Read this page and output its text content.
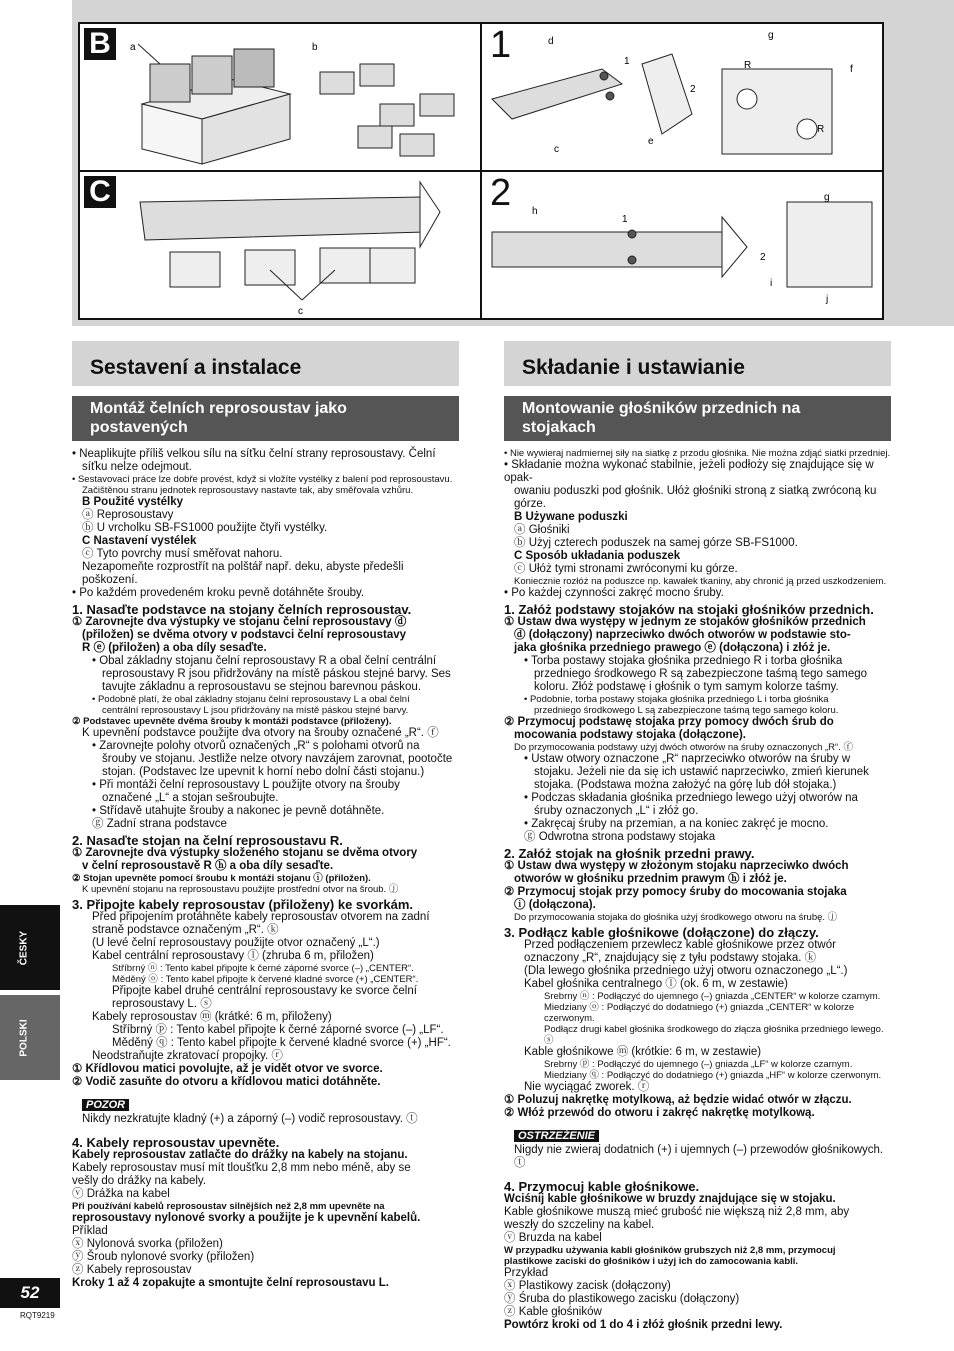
B	a	b	1	d
1
2
c
e
g
f
R
R
C
c
2 h
1
2
i
g
j
Sestavení a instalace
Montáž čelních reprosoustav jako postavených

• Neaplikujte příliš velkou sílu na síťku čelní strany reprosoustavy. Čelní

síťku nelze odejmout.

• Sestavovací práce lze dobře provést, když si vložíte vystélky z balení pod reprosoustavu.

Začištěnou stranu jednotek reprosoustavy nastavte tak, aby směřovala vzhůru.

B Použité vystélky

ⓐ Reprosoustavy

ⓑ U vrcholku SB-FS1000 použijte čtyři vystélky.

C Nastavení vystélek

ⓒ Tyto povrchy musí směřovat nahoru.

Nezapomeňte rozprostřít na polštář např. deku, abyste předešli poškození.

• Po každém provedeném kroku pevně dotáhněte šrouby.

1. Nasaďte podstavce na stojany čelních reprosoustav.

① Zarovnejte dva výstupky ve stojanu čelní reprosoustavy ⓓ

(přiložen) se dvěma otvory v podstavci čelní reprosoustavy

R ⓔ (přiložen) a oba díly sesaďte.

• Obal základny stojanu čelní reprosoustavy R a obal čelní centrální

reprosoustavy R jsou přidržovány na místě páskou stejné barvy. Ses

tavujte základnu a reprosoustavu se stejnou barevnou páskou.

• Podobně platí, že obal základny stojanu čelní reprosoustavy L a obal čelní

centrální reprosoustavy L jsou přidržovány na místě páskou stejné barvy.

② Podstavec upevněte dvěma šrouby k montáži podstavce (přiloženy).

K upevnění podstavce použijte dva otvory na šrouby označené „R“. ⓕ

• Zarovnejte polohy otvorů označených „R“ s polohami otvorů na

šrouby ve stojanu. Jestliže nelze otvory navzájem zarovnat, pootočte

stojan. (Podstavec lze upevnit k horní nebo dolní části stojanu.)

• Při montáži čelní reprosoustavy L použijte otvory na šrouby

označené „L“ a stojan sešroubujte.

• Střídavě utahujte šrouby a nakonec je pevně dotáhněte.

ⓖ Zadní strana podstavce

2. Nasaďte stojan na čelní reprosoustavu R.

① Zarovnejte dva výstupky složeného stojanu se dvěma otvory

v čelní reprosoustavě R ⓗ a oba díly sesaďte.

② Stojan upevněte pomocí šroubu k montáži stojanu ⓘ (přiložen).

K upevnění stojanu na reprosoustavu použijte prostřední otvor na šroub. ⓙ

3. Připojte kabely reprosoustav (přiloženy) ke svorkám.

Před připojením protáhněte kabely reprosoustav otvorem na zadní

straně podstavce označeným „R“. ⓚ

(U levé čelní reprosoustavy použijte otvor označený „L“.)

Kabel centrální reprosoustavy ⓛ (zhruba 6 m, přiložen)

Stříbrný ⓝ : Tento kabel připojte k černé záporné svorce (–) „CENTER“.

Měděný ⓞ : Tento kabel připojte k červené kladné svorce (+) „CENTER“.

Připojte kabel druhé centrální reprosoustavy ke svorce čelní

reprosoustavy L. ⓢ

Kabely reprosoustav ⓜ (krátké: 6 m, přiloženy)

Stříbrný ⓟ : Tento kabel připojte k černé záporné svorce (–) „LF“.

Měděný ⓠ : Tento kabel připojte k červené kladné svorce (+) „HF“.

Neodstraňujte zkratovací propojky. ⓡ

① Křídlovou matici povolujte, až je vidět otvor ve svorce.

② Vodič zasuňte do otvoru a křídlovou matici dotáhněte.

POZOR
Nikdy nezkratujte kladný (+) a záporný (–) vodič reprosoustavy. ⓣ

4. Kabely reprosoustav upevněte.

Kabely reprosoustav zatlačte do drážky na kabely na stojanu.

Kabely reprosoustav musí mít tloušťku 2,8 mm nebo méně, aby se

vešly do drážky na kabely.

ⓥ Drážka na kabel

Při používání kabelů reprosoustav silnějších než 2,8 mm upevněte na

reprosoustavy nylonové svorky a použijte je k upevnění kabelů.

Příklad

ⓧ Nylonová svorka (přiložen)

ⓨ Šroub nylonové svorky (přiložen)

ⓩ Kabely reprosoustav

Kroky 1 až 4 zopakujte a smontujte čelní reprosoustavu L.

Składanie i ustawianie
Montowanie głośników przednich na stojakach

• Nie wywieraj nadmiernej siły na siatkę z przodu głośnika. Nie można zdjąć siatki przedniej.

• Składanie można wykonać stabilnie, jeżeli podłoży się znajdujące się w opak-

owaniu poduszki pod głośnik. Ułóż głośniki stroną z siatką zwróconą ku górze.

B Używane poduszki

ⓐ Głośniki

ⓑ Użyj czterech poduszek na samej górze SB-FS1000.

C Sposób układania poduszek

ⓒ Ułóż tymi stronami zwróconymi ku górze.

Koniecznie rozłóż na poduszce np. kawałek tkaniny, aby chronić ją przed uszkodzeniem.

• Po każdej czynności zakręć mocno śruby.

1. Załóż podstawy stojaków na stojaki głośników przednich.

① Ustaw dwa występy w jednym ze stojaków głośników przednich

ⓓ (dołączony) naprzeciwko dwóch otworów w podstawie sto-

jaka głośnika przedniego prawego ⓔ (dołączona) i złóż je.

• Torba postawy stojaka głośnika przedniego R i torba głośnika

przedniego środkowego R są zabezpieczone taśmą tego samego

koloru. Złóż podstawę i głośnik o tym samym kolorze taśmy.

• Podobnie, torba postawy stojaka głośnika przedniego L i torba głośnika

przedniego środkowego L są zabezpieczone taśmą tego samego koloru.

② Przymocuj podstawę stojaka przy pomocy dwóch śrub do

mocowania podstawy stojaka (dołączone).

Do przymocowania podstawy użyj dwóch otworów na śruby oznaczonych „R“. ⓕ

• Ustaw otwory oznaczone „R“ naprzeciwko otworów na śruby w

stojaku. Jeżeli nie da się ich ustawić naprzeciwko, zmień kierunek

stojaka. (Podstawa można założyć na górę lub dół stojaka.)

• Podczas składania głośnika przedniego lewego użyj otworów na

śruby oznaczonych „L“ i złóż go.

• Zakręcaj śruby na przemian, a na koniec zakręć je mocno.

ⓖ Odwrotna strona podstawy stojaka

2. Załóż stojak na głośnik przedni prawy.

① Ustaw dwa występy w złożonym stojaku naprzeciwko dwóch

otworów w głośniku przednim prawym ⓗ i złóż je.

② Przymocuj stojak przy pomocy śruby do mocowania stojaka

ⓘ (dołączona).

Do przymocowania stojaka do głośnika użyj środkowego otworu na śrubę. ⓙ

3. Podłącz kable głośnikowe (dołączone) do złączy.

Przed podłączeniem przewlecz kable głośnikowe przez otwór

oznaczony „R“, znajdujący się z tyłu podstawy stojaka. ⓚ

(Dla lewego głośnika przedniego użyj otworu oznaczonego „L“.)

Kabel głośnika centralnego ⓛ (ok. 6 m, w zestawie)

Srebrny ⓝ : Podłączyć do ujemnego (–) gniazda „CENTER“ w kolorze czarnym.

Miedziany ⓞ : Podłączyć do dodatniego (+) gniazda „CENTER“ w kolorze czerwonym.

Podłącz drugi kabel głośnika środkowego do złącza głośnika przedniego lewego. ⓢ

Kable głośnikowe ⓜ (krótkie: 6 m, w zestawie)

Srebrny ⓟ : Podłączyć do ujemnego (–) gniazda „LF“ w kolorze czarnym.

Miedziany ⓠ : Podłączyć do dodatniego (+) gniazda „HF“ w kolorze czerwonym.

Nie wyciągać zworek. ⓡ

① Poluzuj nakrętkę motylkową, aż będzie widać otwór w złączu.

② Włóż przewód do otworu i zakręć nakrętkę motylkową.

OSTRZEŻENIE
Nigdy nie zwieraj dodatnich (+) i ujemnych (–) przewodów głośnikowych. ⓣ

4. Przymocuj kable głośnikowe.

Wciśnij kable głośnikowe w bruzdy znajdujące się w stojaku.

Kable głośnikowe muszą mieć grubość nie większą niż 2,8 mm, aby

weszły do szczeliny na kabel.

ⓥ Bruzda na kabel

W przypadku używania kabli głośników grubszych niż 2,8 mm, przymocuj

plastikowe zaciski do głośników i użyj ich do zamocowania kabli.

Przykład

ⓧ Plastikowy zacisk (dołączony)

ⓨ Śruba do plastikowego zacisku (dołączony)

ⓩ Kable głośników

Powtórz kroki od 1 do 4 i złóż głośnik przedni lewy.

ČESKY
POLSKI
52
RQT9219
